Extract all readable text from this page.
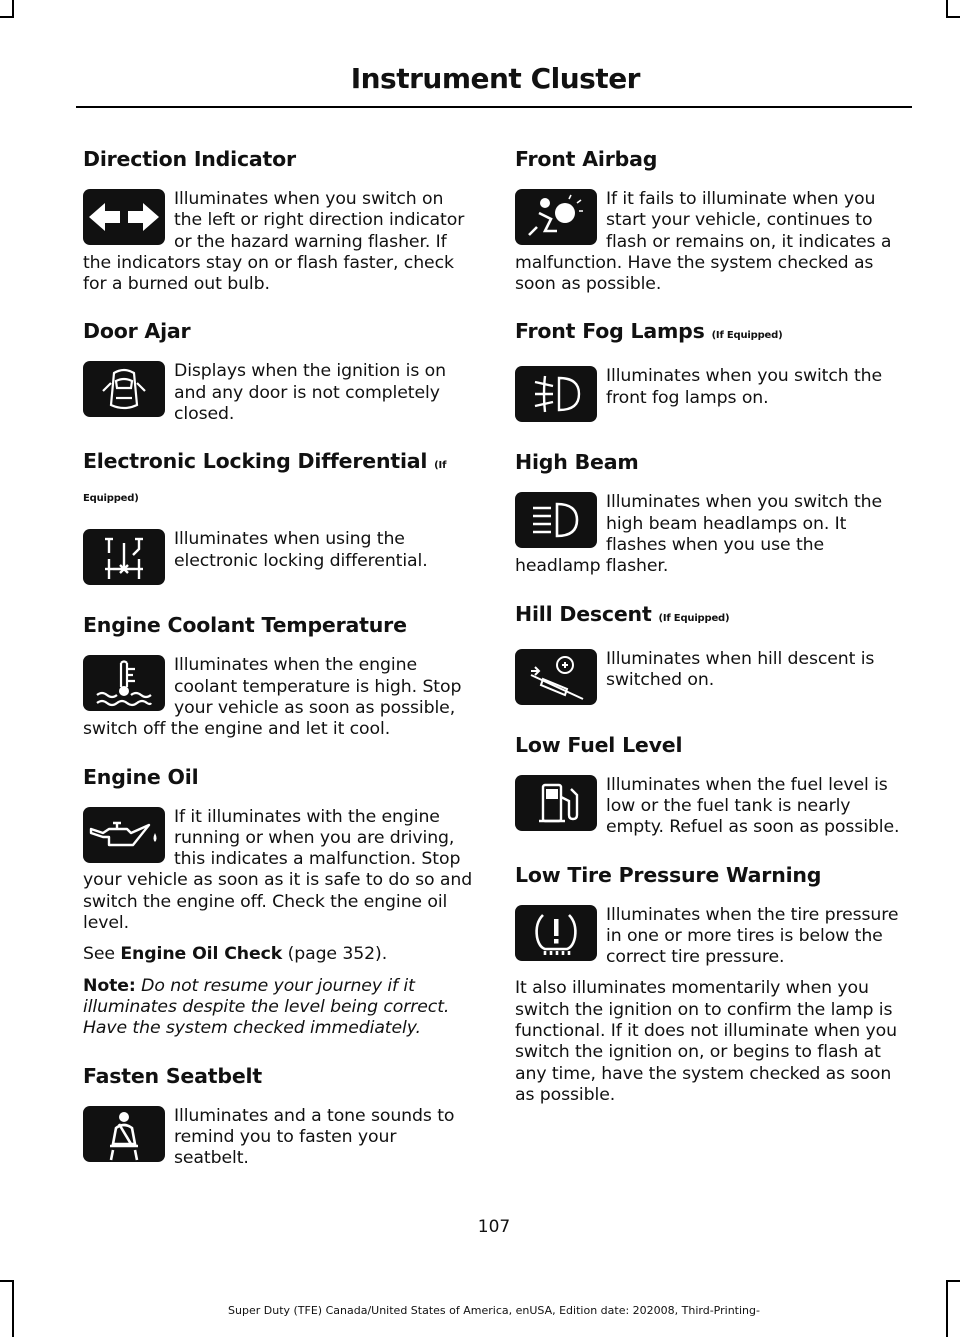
Instrument Cluster
Direction Indicator

Illuminates when you switch on the left or right direction indicator or the hazard warning flasher. If the indicators stay on or flash faster, check for a burned out bulb.

Door Ajar

Displays when the ignition is on and any door is not completely closed.

Electronic Locking Differential (If Equipped)

Illuminates when using the electronic locking differential.

Engine Coolant Temperature

Illuminates when the engine coolant temperature is high. Stop your vehicle as soon as possible, switch off the engine and let it cool.

Engine Oil

If it illuminates with the engine running or when you are driving, this indicates a malfunction. Stop your vehicle as soon as it is safe to do so and switch the engine off. Check the engine oil level.

See Engine Oil Check (page 352).

Note: Do not resume your journey if it illuminates despite the level being correct. Have the system checked immediately.

Fasten Seatbelt

Illuminates and a tone sounds to remind you to fasten your seatbelt.

Front Airbag

If it fails to illuminate when you start your vehicle, continues to flash or remains on, it indicates a malfunction. Have the system checked as soon as possible.

Front Fog Lamps (If Equipped)

Illuminates when you switch the front fog lamps on.

High Beam

Illuminates when you switch the high beam headlamps on. It flashes when you use the headlamp flasher.

Hill Descent (If Equipped)

Illuminates when hill descent is switched on.

Low Fuel Level

Illuminates when the fuel level is low or the fuel tank is nearly empty. Refuel as soon as possible.

Low Tire Pressure Warning

Illuminates when the tire pressure in one or more tires is below the correct tire pressure.

It also illuminates momentarily when you switch the ignition on to confirm the lamp is functional. If it does not illuminate when you switch the ignition on, or begins to flash at any time, have the system checked as soon as possible.

107
Super Duty (TFE) Canada/United States of America, enUSA, Edition date: 202008, Third-Printing-
